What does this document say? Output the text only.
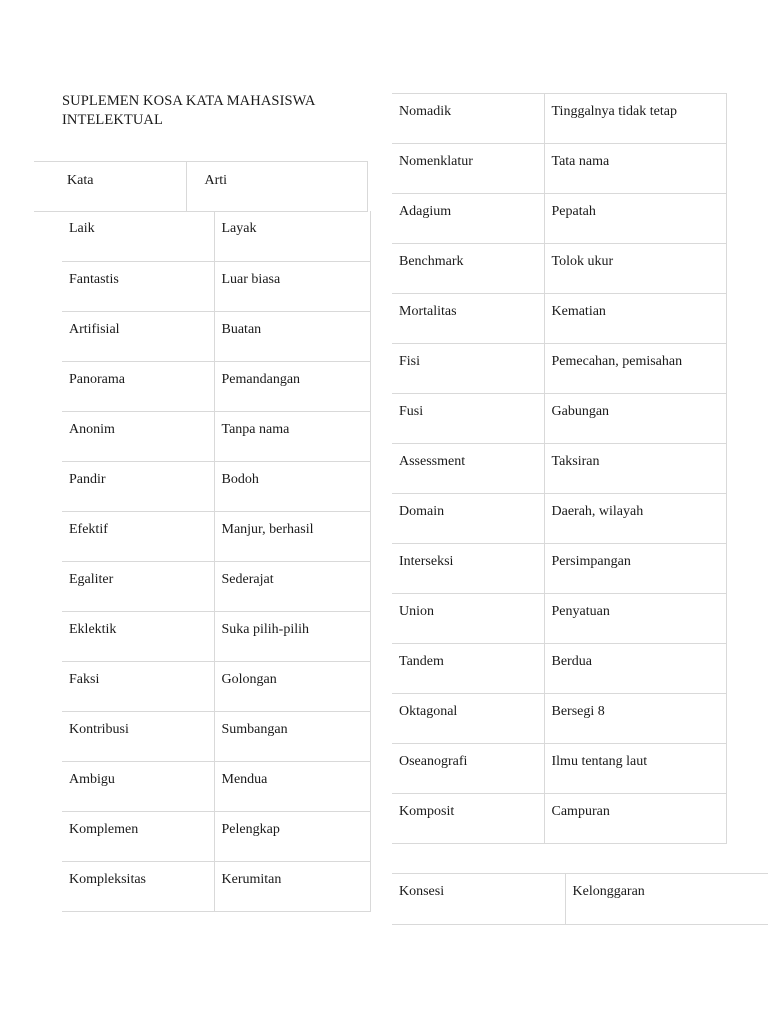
SUPLEMEN KOSA KATA MAHASISWA INTELEKTUAL
Kata	Arti
Laik	Layak
Fantastis	Luar biasa
Artifisial	Buatan
Panorama	Pemandangan
Anonim	Tanpa nama
Pandir	Bodoh
Efektif	Manjur, berhasil
Egaliter	Sederajat
Eklektik	Suka pilih-pilih
Faksi	Golongan
Kontribusi	Sumbangan
Ambigu	Mendua
Komplemen	Pelengkap
Kompleksitas	Kerumitan
Nomadik	Tinggalnya tidak tetap
Nomenklatur	Tata nama
Adagium	Pepatah
Benchmark	Tolok ukur
Mortalitas	Kematian
Fisi	Pemecahan, pemisahan
Fusi	Gabungan
Assessment	Taksiran
Domain	Daerah, wilayah
Interseksi	Persimpangan
Union	Penyatuan
Tandem	Berdua
Oktagonal	Bersegi 8
Oseanografi	Ilmu tentang laut
Komposit	Campuran
Konsesi	Kelonggaran
